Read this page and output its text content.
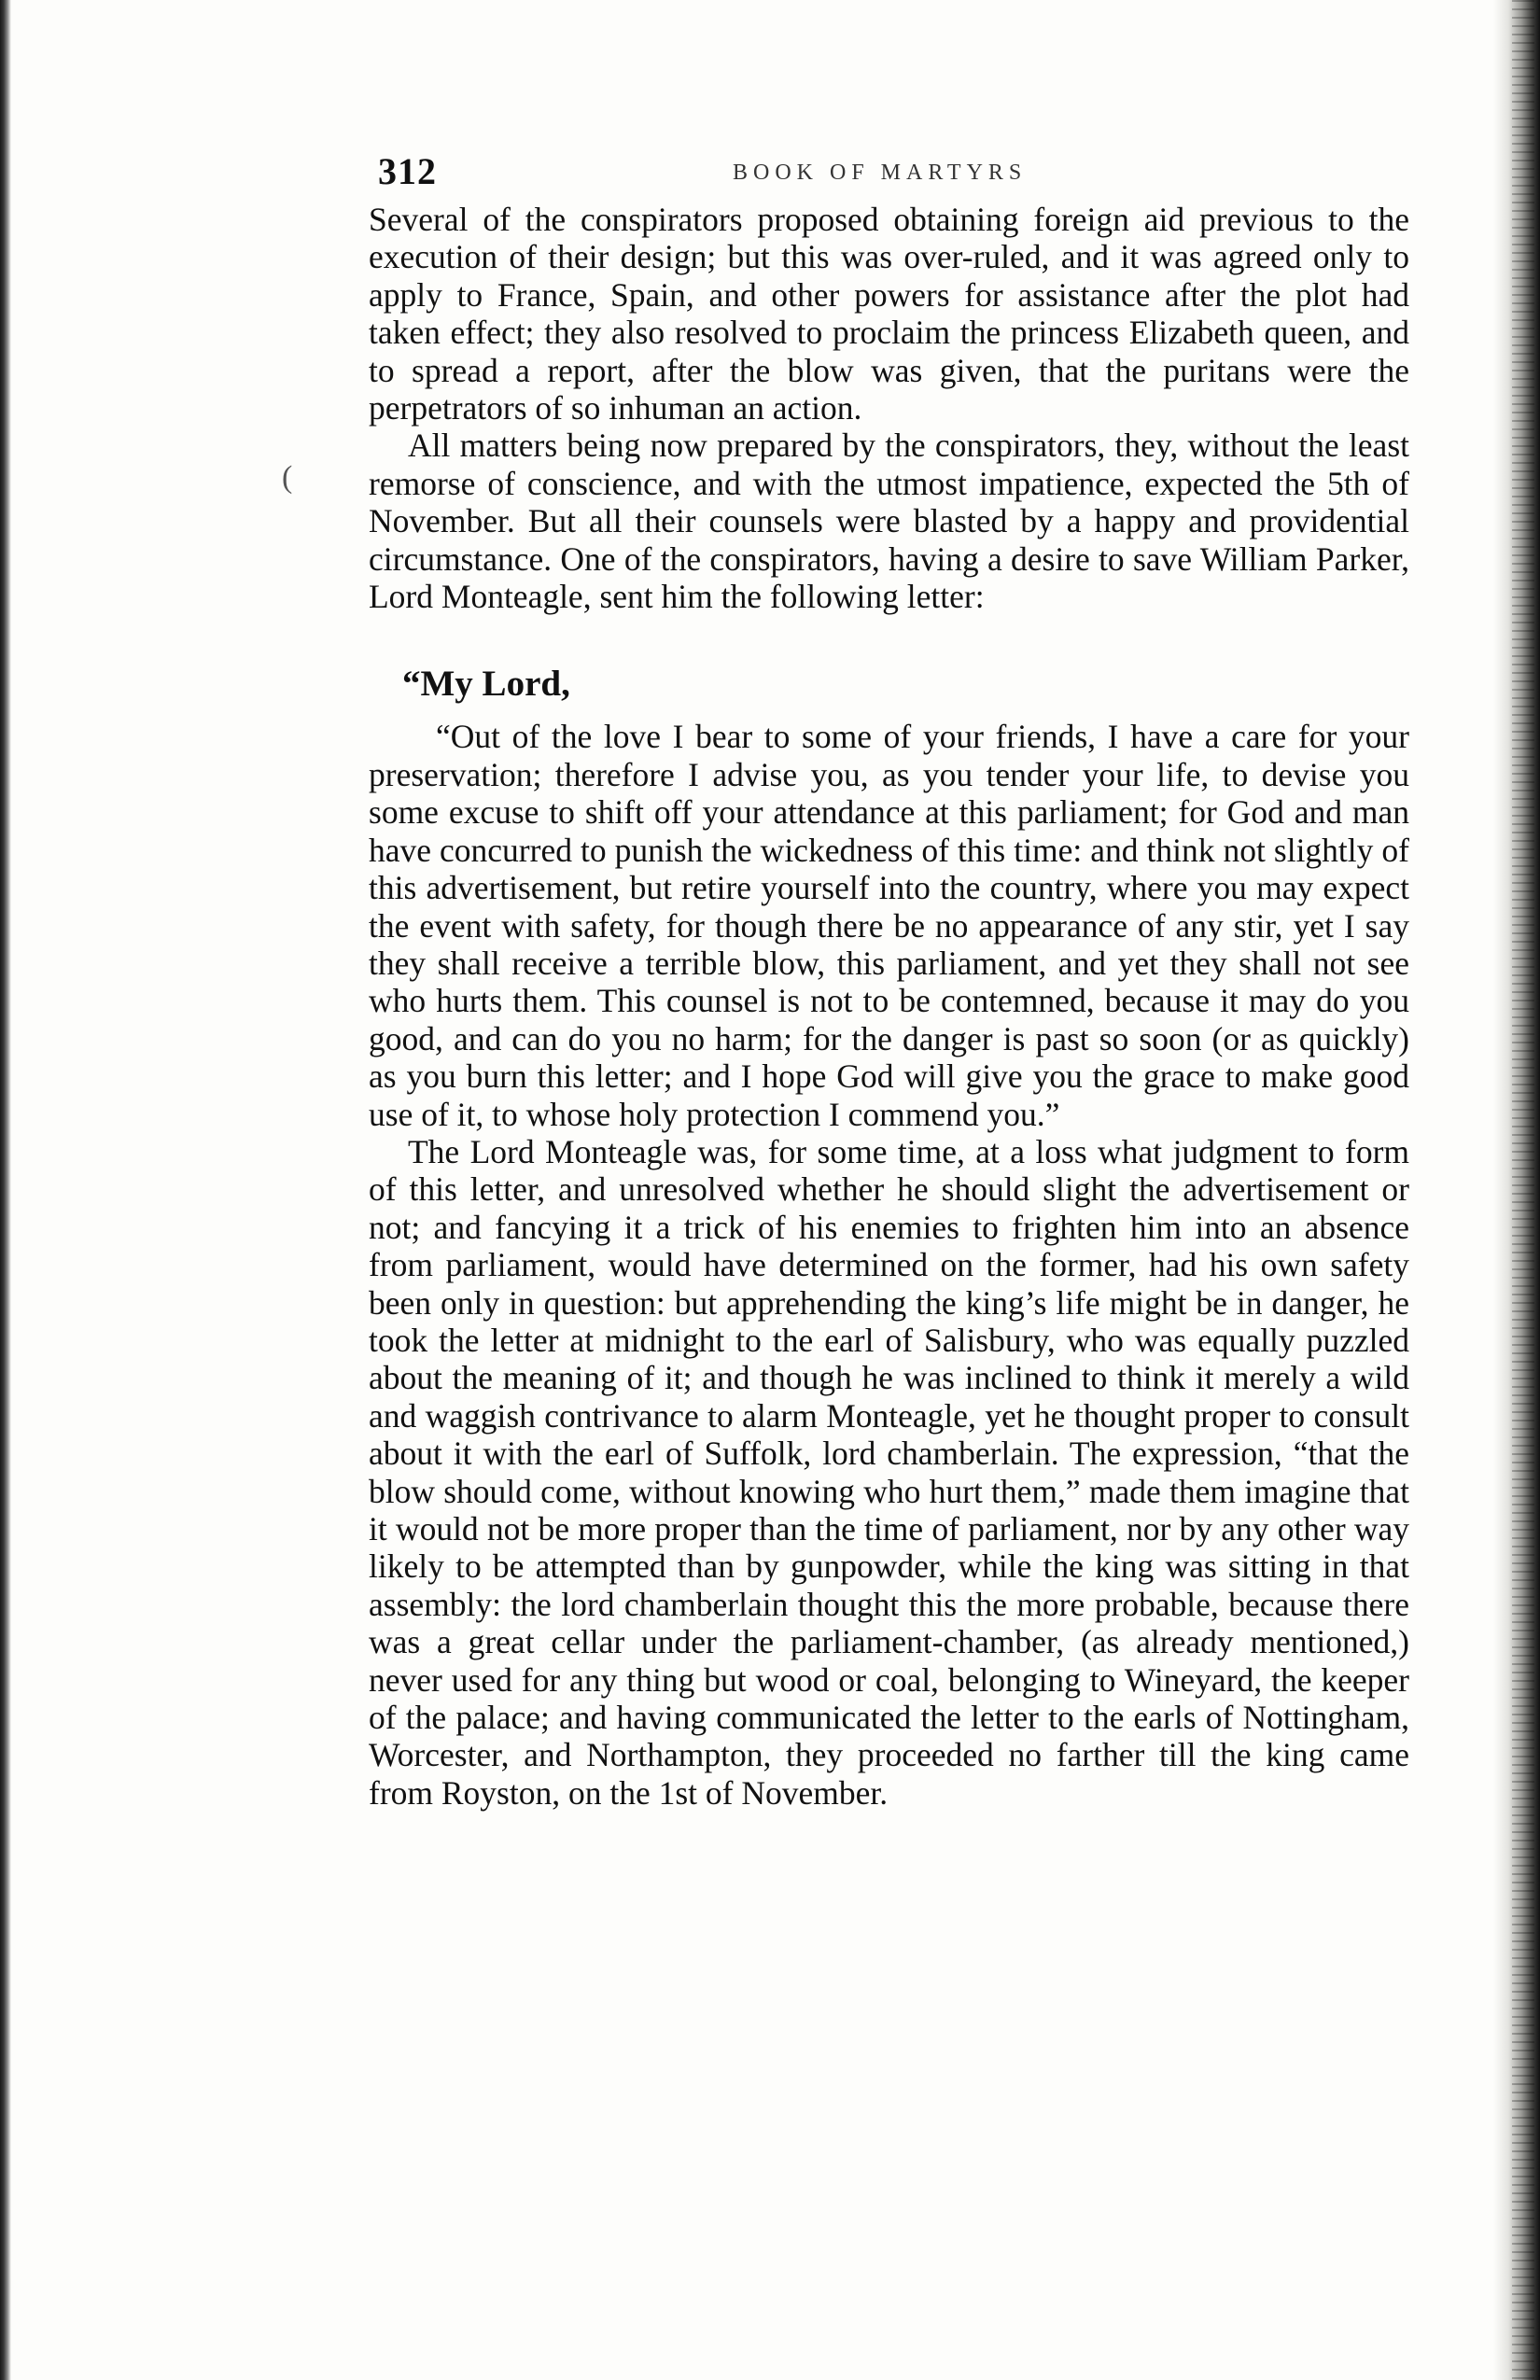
(
312	BOOK OF MARTYRS

Several of the conspirators proposed obtaining foreign aid previous to the execution of their design; but this was over-ruled, and it was agreed only to apply to France, Spain, and other powers for assistance after the plot had taken effect; they also resolved to proclaim the princess Elizabeth queen, and to spread a report, after the blow was given, that the puritans were the perpetrators of so inhuman an action.

All matters being now prepared by the conspirators, they, without the least remorse of conscience, and with the utmost impatience, expected the 5th of November. But all their counsels were blasted by a happy and providential circumstance. One of the conspirators, having a desire to save William Parker, Lord Monteagle, sent him the following letter:

“My Lord,

“Out of the love I bear to some of your friends, I have a care for your preservation; therefore I advise you, as you tender your life, to devise you some excuse to shift off your attendance at this parliament; for God and man have concurred to punish the wickedness of this time: and think not slightly of this advertisement, but retire yourself into the country, where you may expect the event with safety, for though there be no appearance of any stir, yet I say they shall receive a terrible blow, this parliament, and yet they shall not see who hurts them. This counsel is not to be contemned, because it may do you good, and can do you no harm; for the danger is past so soon (or as quickly) as you burn this letter; and I hope God will give you the grace to make good use of it, to whose holy protection I commend you.”

The Lord Monteagle was, for some time, at a loss what judgment to form of this letter, and unresolved whether he should slight the advertisement or not; and fancying it a trick of his enemies to frighten him into an absence from parliament, would have determined on the former, had his own safety been only in question: but apprehending the king’s life might be in danger, he took the letter at midnight to the earl of Salisbury, who was equally puzzled about the meaning of it; and though he was inclined to think it merely a wild and waggish contrivance to alarm Monteagle, yet he thought proper to consult about it with the earl of Suffolk, lord chamberlain. The expression, “that the blow should come, without knowing who hurt them,” made them imagine that it would not be more proper than the time of parliament, nor by any other way likely to be attempted than by gunpowder, while the king was sitting in that assembly: the lord chamberlain thought this the more probable, because there was a great cellar under the parliament-chamber, (as already mentioned,) never used for any thing but wood or coal, belonging to Wineyard, the keeper of the palace; and having communicated the letter to the earls of Nottingham, Worcester, and Northampton, they proceeded no farther till the king came from Royston, on the 1st of November.
